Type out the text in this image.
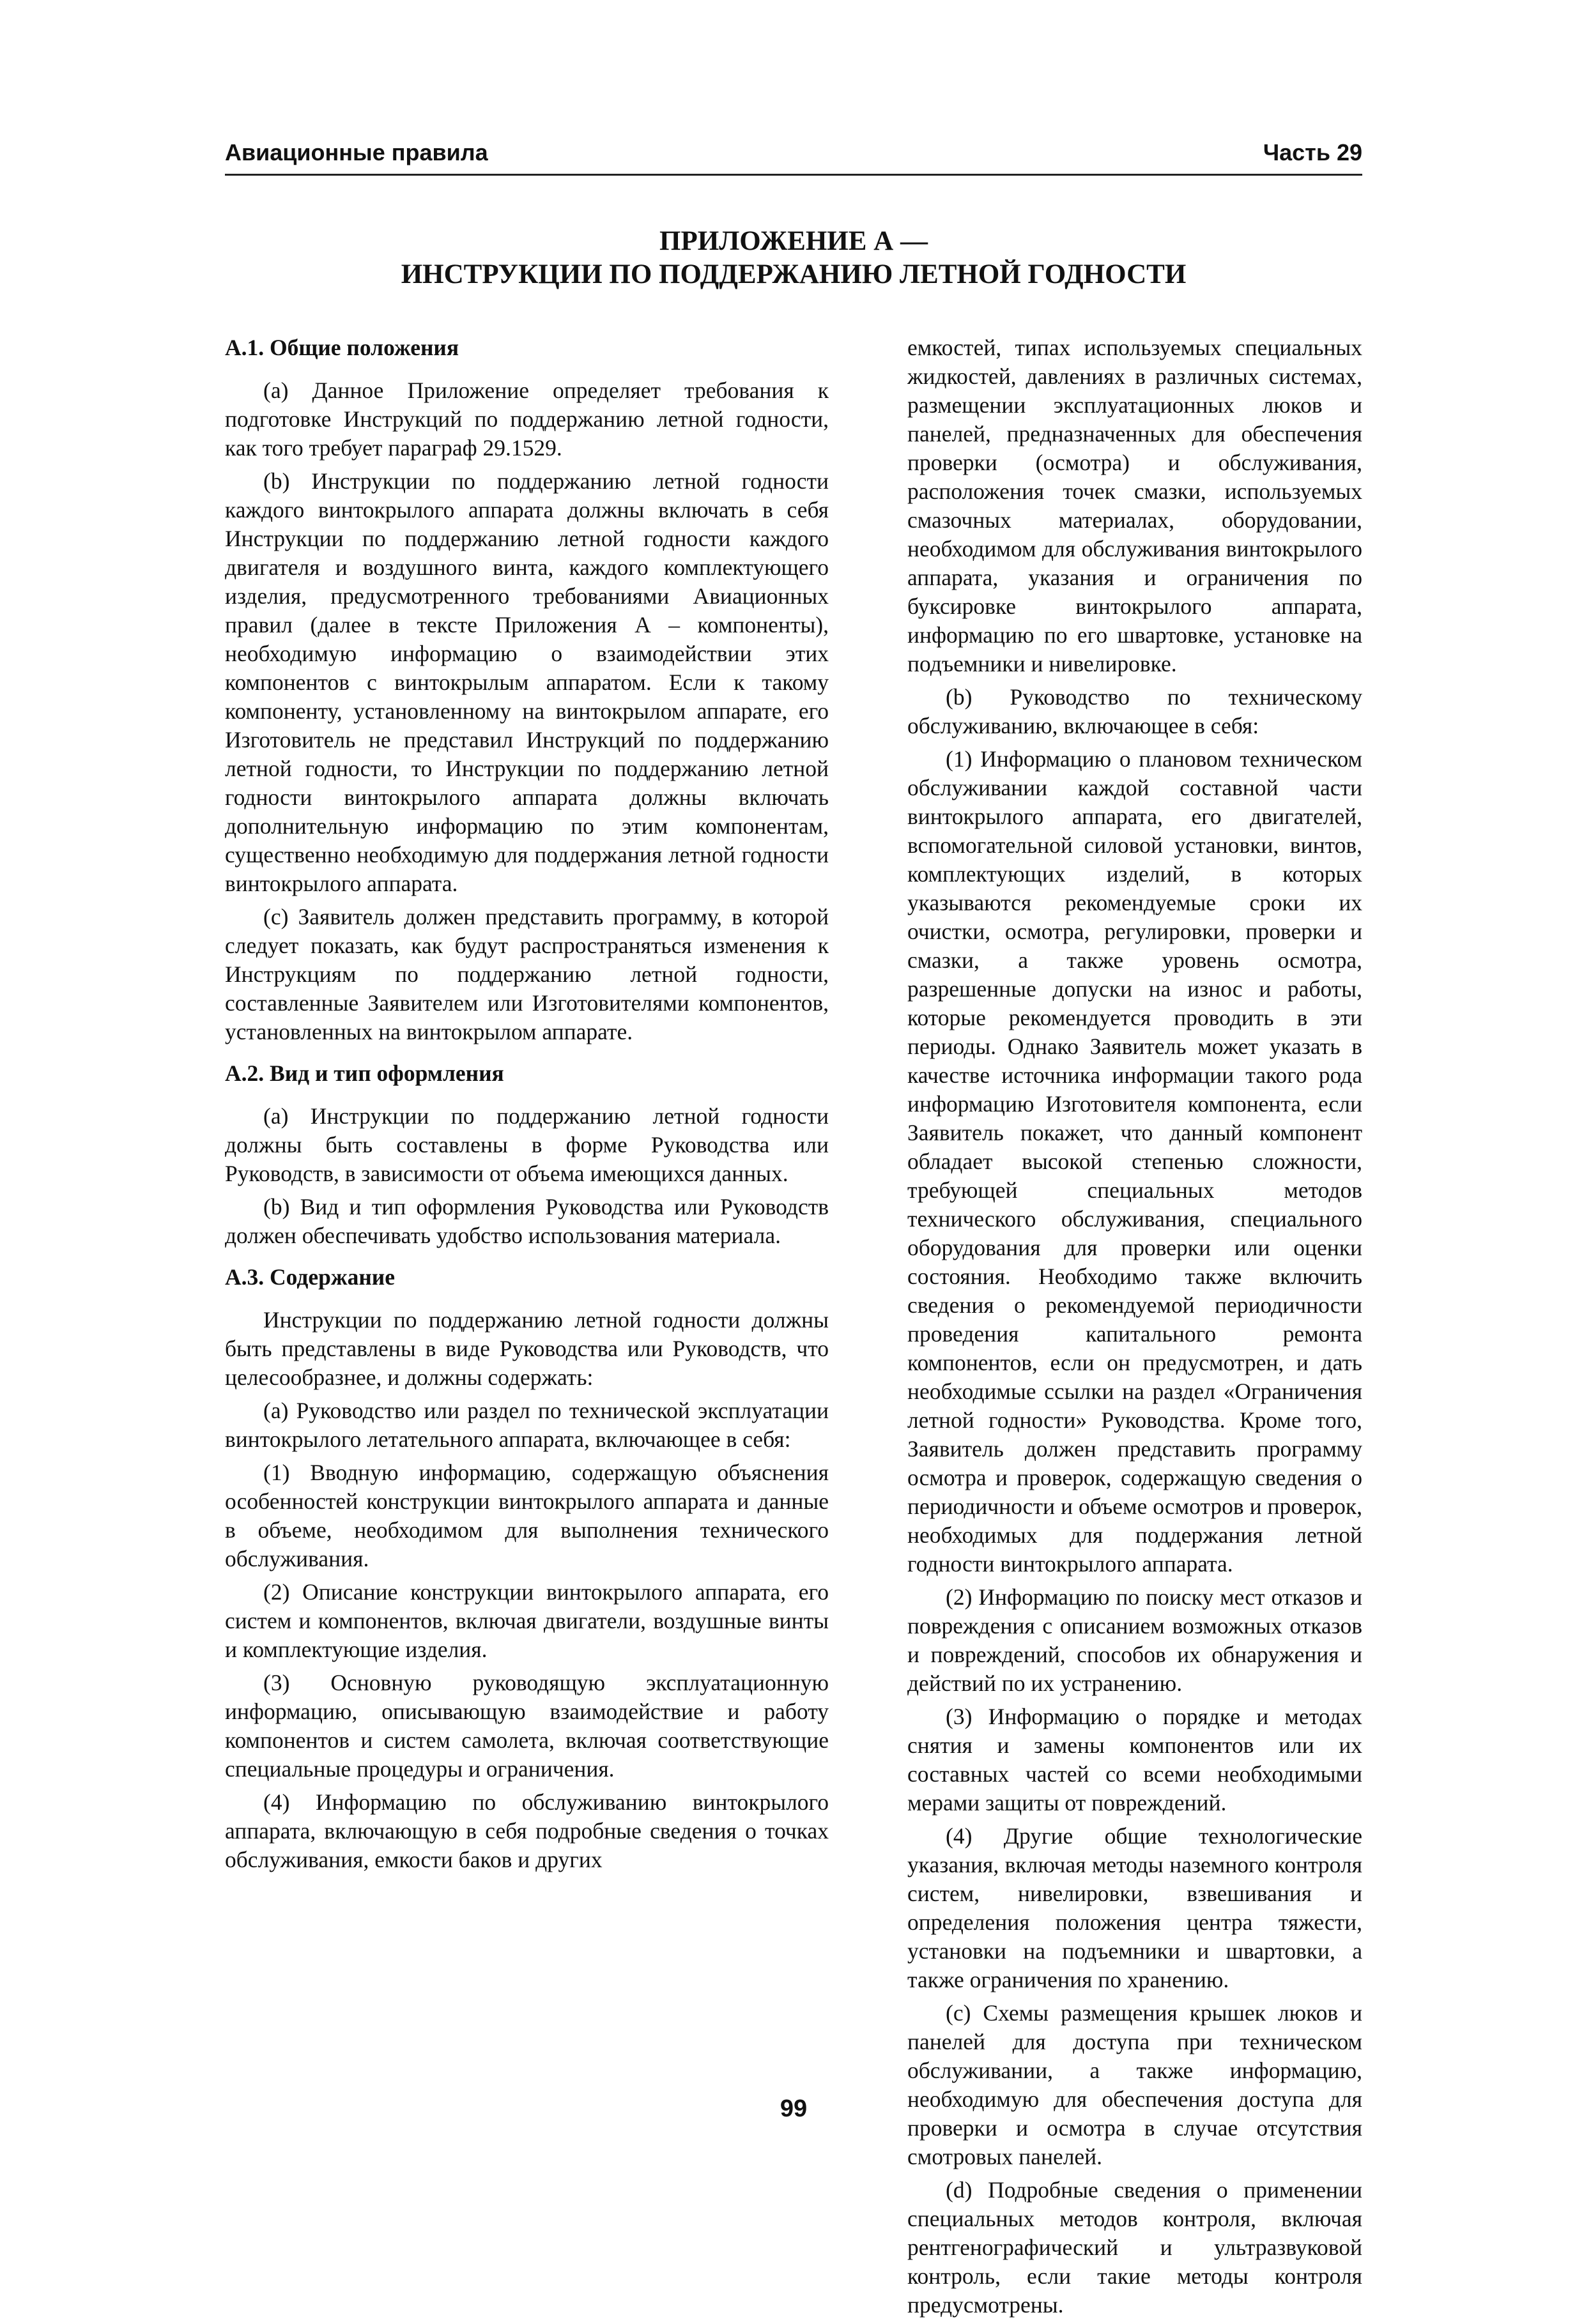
Авиационные правила	Часть 29
ПРИЛОЖЕНИЕ А —
ИНСТРУКЦИИ ПО ПОДДЕРЖАНИЮ ЛЕТНОЙ ГОДНОСТИ
А.1. Общие положения

(a) Данное Приложение определяет требования к подготовке Инструкций по поддержанию летной годности, как того требует параграф 29.1529.

(b) Инструкции по поддержанию летной годности каждого винтокрылого аппарата должны включать в себя Инструкции по поддержанию летной годности каждого двигателя и воздушного винта, каждого комплектующего изделия, предусмотренного требованиями Авиационных правил (далее в тексте Приложения А – компоненты), необходимую информацию о взаимодействии этих компонентов с винтокрылым аппаратом. Если к такому компоненту, установленному на винтокрылом аппарате, его Изготовитель не представил Инструкций по поддержанию летной годности, то Инструкции по поддержанию летной годности винтокрылого аппарата должны включать дополнительную информацию по этим компонентам, существенно необходимую для поддержания летной годности винтокрылого аппарата.

(c) Заявитель должен представить программу, в которой следует показать, как будут распространяться изменения к Инструкциям по поддержанию летной годности, составленные Заявителем или Изготовителями компонентов, установленных на винтокрылом аппарате.

А.2. Вид и тип оформления

(a) Инструкции по поддержанию летной годности должны быть составлены в форме Руководства или Руководств, в зависимости от объема имеющихся данных.

(b) Вид и тип оформления Руководства или Руководств должен обеспечивать удобство использования материала.

А.3. Содержание

Инструкции по поддержанию летной годности должны быть представлены в виде Руководства или Руководств, что целесообразнее, и должны содержать:

(a) Руководство или раздел по технической эксплуатации винтокрылого летательного аппарата, включающее в себя:

(1) Вводную информацию, содержащую объяснения особенностей конструкции винтокрылого аппарата и данные в объеме, необходимом для выполнения технического обслуживания.

(2) Описание конструкции винтокрылого аппарата, его систем и компонентов, включая двигатели, воздушные винты и комплектующие изделия.

(3) Основную руководящую эксплуатационную информацию, описывающую взаимодействие и работу компонентов и систем самолета, включая соответствующие специальные процедуры и ограничения.

(4) Информацию по обслуживанию винтокрылого аппарата, включающую в себя подробные сведения о точках обслуживания, емкости баков и других

емкостей, типах используемых специальных жидкостей, давлениях в различных системах, размещении эксплуатационных люков и панелей, предназначенных для обеспечения проверки (осмотра) и обслуживания, расположения точек смазки, используемых смазочных материалах, оборудовании, необходимом для обслуживания винтокрылого аппарата, указания и ограничения по буксировке винтокрылого аппарата, информацию по его швартовке, установке на подъемники и нивелировке.

(b) Руководство по техническому обслуживанию, включающее в себя:

(1) Информацию о плановом техническом обслуживании каждой составной части винтокрылого аппарата, его двигателей, вспомогательной силовой установки, винтов, комплектующих изделий, в которых указываются рекомендуемые сроки их очистки, осмотра, регулировки, проверки и смазки, а также уровень осмотра, разрешенные допуски на износ и работы, которые рекомендуется проводить в эти периоды. Однако Заявитель может указать в качестве источника информации такого рода информацию Изготовителя компонента, если Заявитель покажет, что данный компонент обладает высокой степенью сложности, требующей специальных методов технического обслуживания, специального оборудования для проверки или оценки состояния. Необходимо также включить сведения о рекомендуемой периодичности проведения капитального ремонта компонентов, если он предусмотрен, и дать необходимые ссылки на раздел «Ограничения летной годности» Руководства. Кроме того, Заявитель должен представить программу осмотра и проверок, содержащую сведения о периодичности и объеме осмотров и проверок, необходимых для поддержания летной годности винтокрылого аппарата.

(2) Информацию по поиску мест отказов и повреждения с описанием возможных отказов и повреждений, способов их обнаружения и действий по их устранению.

(3) Информацию о порядке и методах снятия и замены компонентов или их составных частей со всеми необходимыми мерами защиты от повреждений.

(4) Другие общие технологические указания, включая методы наземного контроля систем, нивелировки, взвешивания и определения положения центра тяжести, установки на подъемники и швартовки, а также ограничения по хранению.

(c) Схемы размещения крышек люков и панелей для доступа при техническом обслуживании, а также информацию, необходимую для обеспечения доступа для проверки и осмотра в случае отсутствия смотровых панелей.

(d) Подробные сведения о применении специальных методов контроля, включая рентгенографический и ультразвуковой контроль, если такие методы контроля предусмотрены.

99
